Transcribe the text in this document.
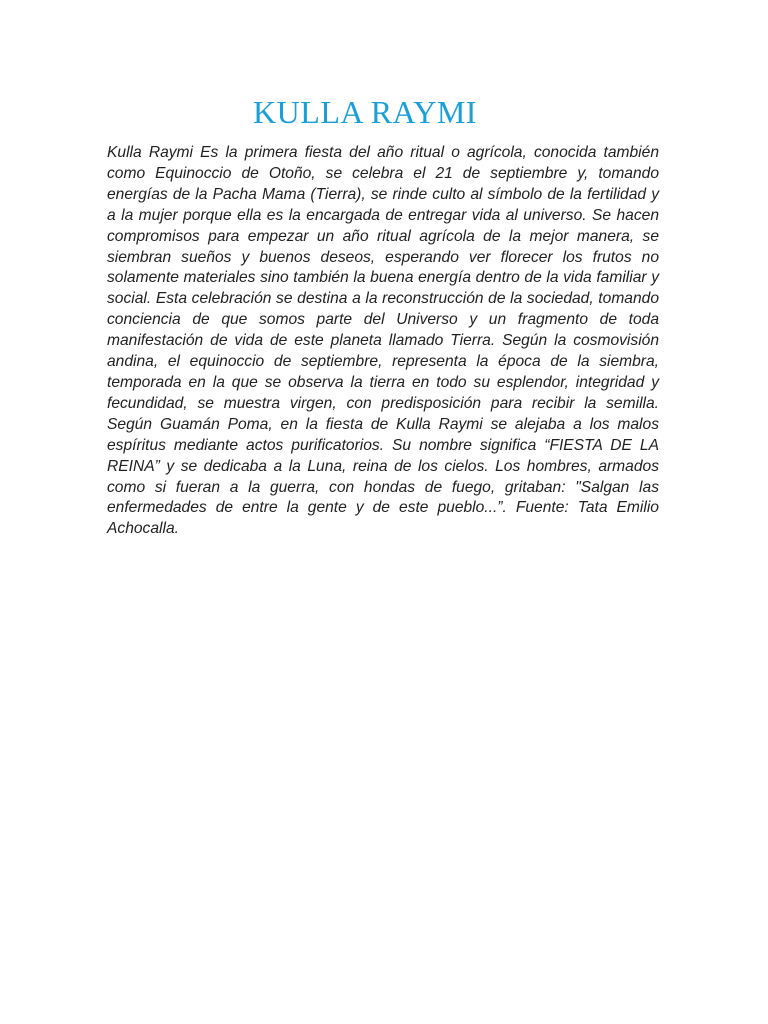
KULLA RAYMI

Kulla Raymi Es la primera fiesta del año ritual o agrícola, conocida también como Equinoccio de Otoño, se celebra el 21 de septiembre y, tomando energías de la Pacha Mama (Tierra), se rinde culto al símbolo de la fertilidad y a la mujer porque ella es la encargada de entregar vida al universo. Se hacen compromisos para empezar un año ritual agrícola de la mejor manera, se siembran sueños y buenos deseos, esperando ver florecer los frutos no solamente materiales sino también la buena energía dentro de la vida familiar y social. Esta celebración se destina a la reconstrucción de la sociedad, tomando conciencia de que somos parte del Universo y un fragmento de toda manifestación de vida de este planeta llamado Tierra. Según la cosmovisión andina, el equinoccio de septiembre, representa la época de la siembra, temporada en la que se observa la tierra en todo su esplendor, integridad y fecundidad, se muestra virgen, con predisposición para recibir la semilla. Según Guamán Poma, en la fiesta de Kulla Raymi se alejaba a los malos espíritus mediante actos purificatorios. Su nombre significa “FIESTA DE LA REINA” y se dedicaba a la Luna, reina de los cielos. Los hombres, armados como si fueran a la guerra, con hondas de fuego, gritaban: "Salgan las enfermedades de entre la gente y de este pueblo...”. Fuente: Tata Emilio Achocalla.
